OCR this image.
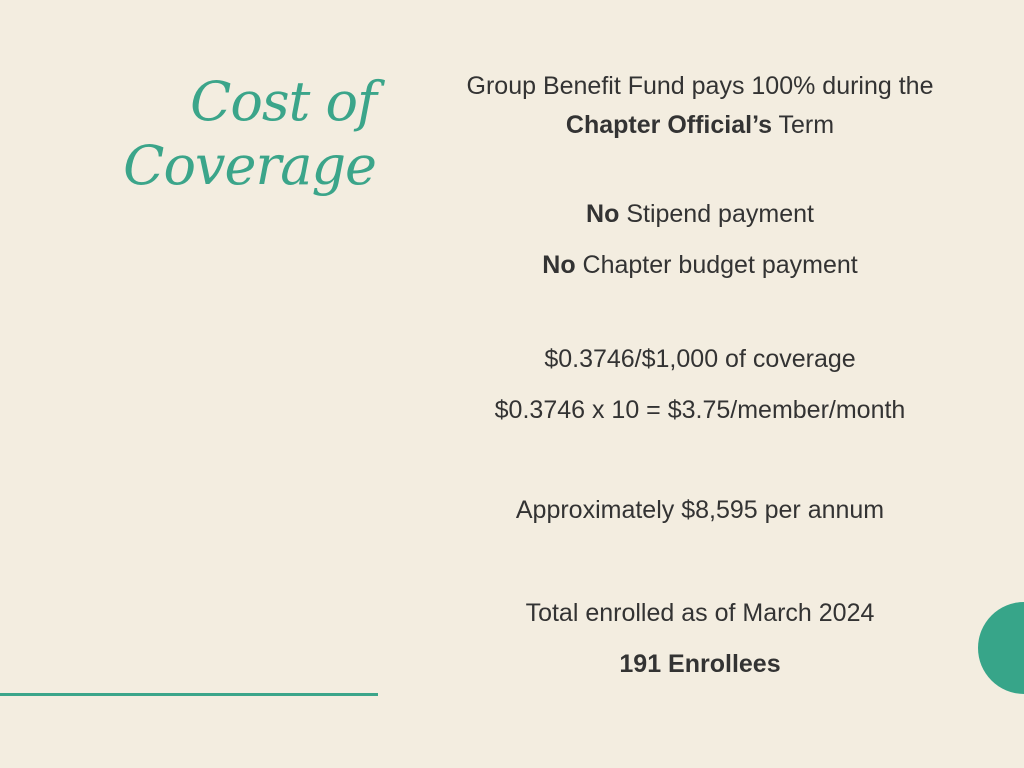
Cost of
Coverage
Group Benefit Fund pays 100% during the
Chapter Official’s Term
No Stipend payment
No Chapter budget payment
$0.3746/$1,000 of coverage
$0.3746 x 10 = $3.75/member/month
Approximately $8,595 per annum
Total enrolled as of March 2024
191 Enrollees
